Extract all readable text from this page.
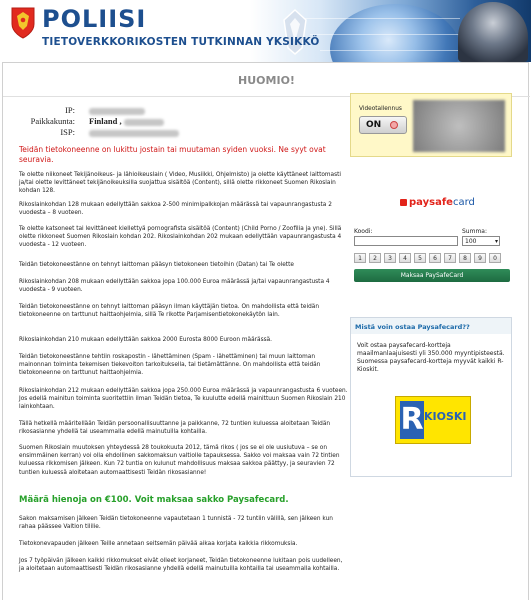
POLIISI
TIETOVERKKORIKOSTEN TUTKINNAN YKSIKKÖ
HUOMIO!
IP:
Paikkakunta: Finland ,
ISP:
Teidän tietokoneenne on lukittu jostain tai muutaman syiden vuoksi. Ne syyt ovat seuravia.
Te olette niikoneet Tekijänoikeus- ja lähioikeuslain ( Video, Musiikki, Ohjelmisto) ja olette käyttäneet laittomasti ja/tai olette levittäneet tekijänoikeuksilla suojattua sisältöä (Content), sillä olette rikkoneet Suomen Rikoslain kohdan 128.
Rikoslainkohdan 128 mukaan edellyttään sakkoa 2-500 minimipalkkojan määrässä tai vapaunrangastusta 2 vuodesta – 8 vuoteen.
Te olette katsoneet tai levittäneet kiellettyä pornografista sisältöä (Content) (Child Porno / Zoofilia ja yne). Sillä olette rikkoneet Suomen Rikoslain kohdan 202. Rikoslainkohdan 202 mukaan edellyttään vapaunrangastusta 4 vuodesta - 12 vuoteen.
Teidän tietokoneestänne on tehnyt laittoman pääsyn tietokoneen tietoihin (Datan) tai Te olette
Rikoslainkohdan 208 mukaan edellyttään sakkoa jopa 100.000 Euroa määrässä ja/tai vapaunrangastusta 4 vuodesta - 9 vuoteen.
Teidän tietokoneestänne on tehnyt laittoman pääsyn ilman käyttäjän tietoa. On mahdollista että teidän tietokoneenne on tarttunut haittaohjelmia, sillä Te rikotte Parjamisentietokonekäytön lain.
Rikoslainkohdan 210 mukaan edellyttään sakkoa 2000 Eurosta 8000 Euroon määrässä.
Teidän tietokoneestänne tehtiin roskapostin - lähettäminen (Spam - lähettäminen) tai muun laittoman mainonnan toiminta tekemisen tiekevoiton tarkoituksella, tai tietämättänne. On mahdollista että teidän tietokoneenne on tarttunut haittaohjelmia.
Rikoslainkohdan 212 mukaan edellyttään sakkoa jopa 250.000 Euroa määrässä ja vapaunrangastusta 6 vuoteen. Jos edellä mainitun toiminta suoritettiin ilman Teidän tietoa, Te kuulutte edellä mainittuun Suomen Rikoslain 210 lainkohtaan.
Tällä hetkellä määritellään Teidän persoonallisuuttanne ja paikkanne, 72 tuntien kuluessa aloitetaan Teidän rikosasianne yhdellä tai useammalla edellä mainutuilla kohtailla.
Suomen Rikoslain muutoksen yhteydessä 28 toukokuuta 2012, tämä rikos ( jos se ei ole uusiutuva – se on ensimmäinen kerran) voi olla ehdollinen sakkomaksun valtiolle tapauksessa. Sakko voi maksaa vain 72 tintien kuluessa rikkomisen jälkeen. Kun 72 tuntia on kulunut mahdollisuus maksaa sakkoa päättyy, ja seuravien 72 tuntien kuluessä aloitetaan automaattisesti Teidän rikosasianne!
Määrä hienoja on €100. Voit maksaa sakko Paysafecard.
Sakon maksamisen jälkeen Teidän tietokoneenne vapautetaan 1 tunnistä - 72 tuntiin välillä, sen jälkeen kun rahaa päässee Valtion tililie.
Tietokonevapauden jälkeen Teille annetaan seitsemän päivää aikaa korjata kaikkia rikkomuksia.
Jos 7 työpäivän jälkeen kaikki rikkomukset eivät olleet korjaneet, Teidän tietokoneenne lukitaan pois uudelleen, ja aloitetaan automaattisesti Teidän rikosasianne yhdellä edellä mainutuilla kohtailla tai useammalla kohtailla.
Videotallennus
ON
paysafecard
Koodi:	Summa:
100	▾
1	2	3	4	5	6	7	8	9	0
Maksaa PaySafeCard
Mistä voin ostaa Paysafecard??
Voit ostaa paysafecard-kortteja maailmanlaajuisesti yli 350.000 myyntipisteestä. Suomessa paysafecard-kortteja myyvät kaikki R-Kioskit.
R KIOSKI
